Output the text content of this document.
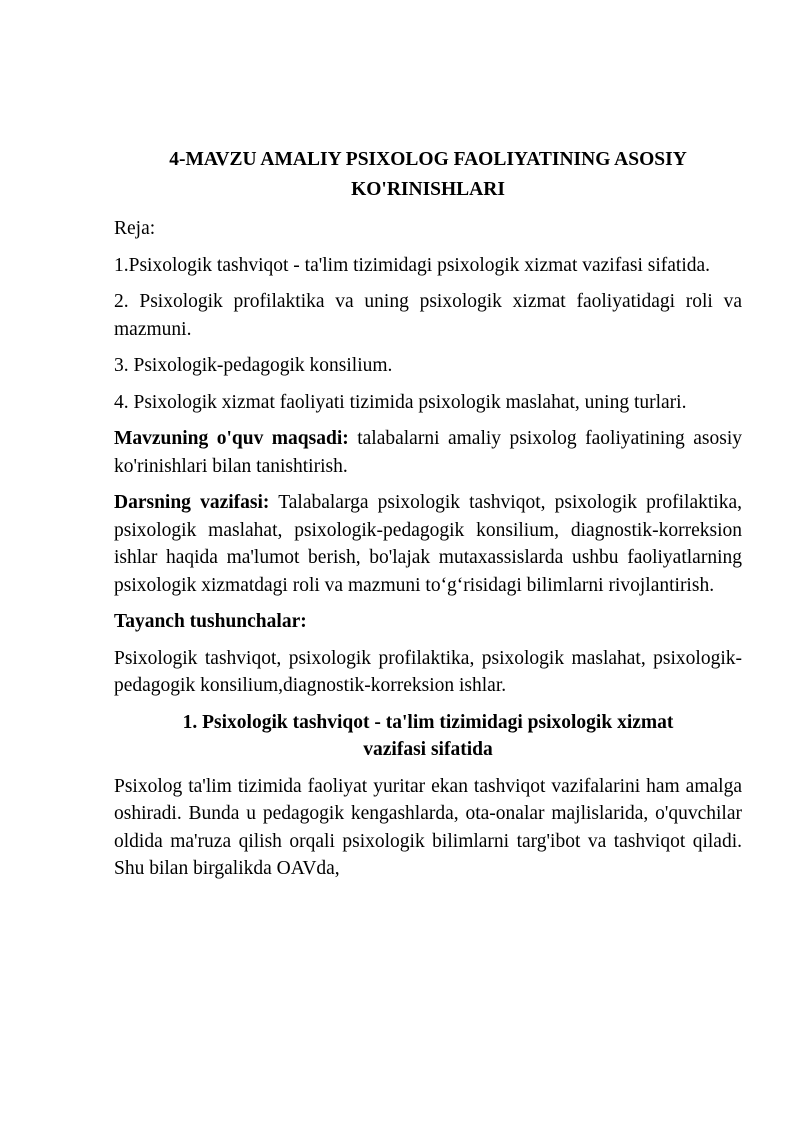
4-MAVZU AMALIY PSIXOLOG FAOLIYATINING ASOSIY
KO'RINISHLARI

Reja:

1.Psixologik tashviqot - ta'lim tizimidagi psixologik xizmat vazifasi sifatida.

2. Psixologik profilaktika va uning psixologik xizmat faoliyatidagi roli va mazmuni.

3. Psixologik-pedagogik konsilium.

4. Psixologik xizmat faoliyati tizimida psixologik maslahat, uning turlari.

Mavzuning o'quv maqsadi: talabalarni amaliy psixolog faoliyatining asosiy ko'rinishlari bilan tanishtirish.

Darsning vazifasi: Talabalarga psixologik tashviqot, psixologik profilaktika, psixologik maslahat, psixologik-pedagogik konsilium, diagnostik-korreksion ishlar haqida ma'lumot berish, bo'lajak mutaxassislarda ushbu faoliyatlarning psixologik xizmatdagi roli va mazmuni to‘g‘risidagi bilimlarni rivojlantirish.

Tayanch tushunchalar:

Psixologik tashviqot, psixologik profilaktika, psixologik maslahat, psixologik-pedagogik konsilium,diagnostik-korreksion ishlar.

1. Psixologik tashviqot - ta'lim tizimidagi psixologik xizmat
vazifasi sifatida

Psixolog ta'lim tizimida faoliyat yuritar ekan tashviqot vazifalarini ham amalga oshiradi. Bunda u pedagogik kengashlarda, ota-onalar majlislarida, o'quvchilar oldida ma'ruza qilish orqali psixologik bilimlarni targ'ibot va tashviqot qiladi. Shu bilan birgalikda OAVda,
